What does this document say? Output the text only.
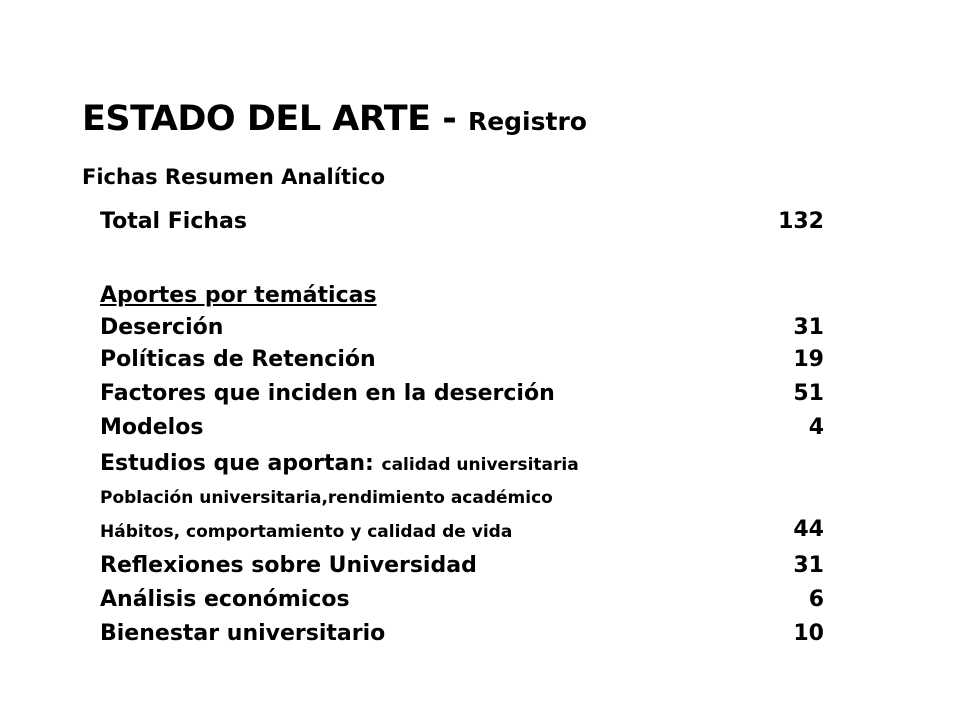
ESTADO DEL ARTE - Registro
Fichas Resumen Analítico
Total Fichas	132
Aportes por temáticas
Deserción	31
Políticas de Retención	19
Factores que inciden en la deserción	51
Modelos	4
Estudios que aportan: calidad universitaria
Población universitaria,rendimiento académico
Hábitos, comportamiento y calidad de vida	44
Reflexiones sobre Universidad	31
Análisis económicos	6
Bienestar universitario	10
